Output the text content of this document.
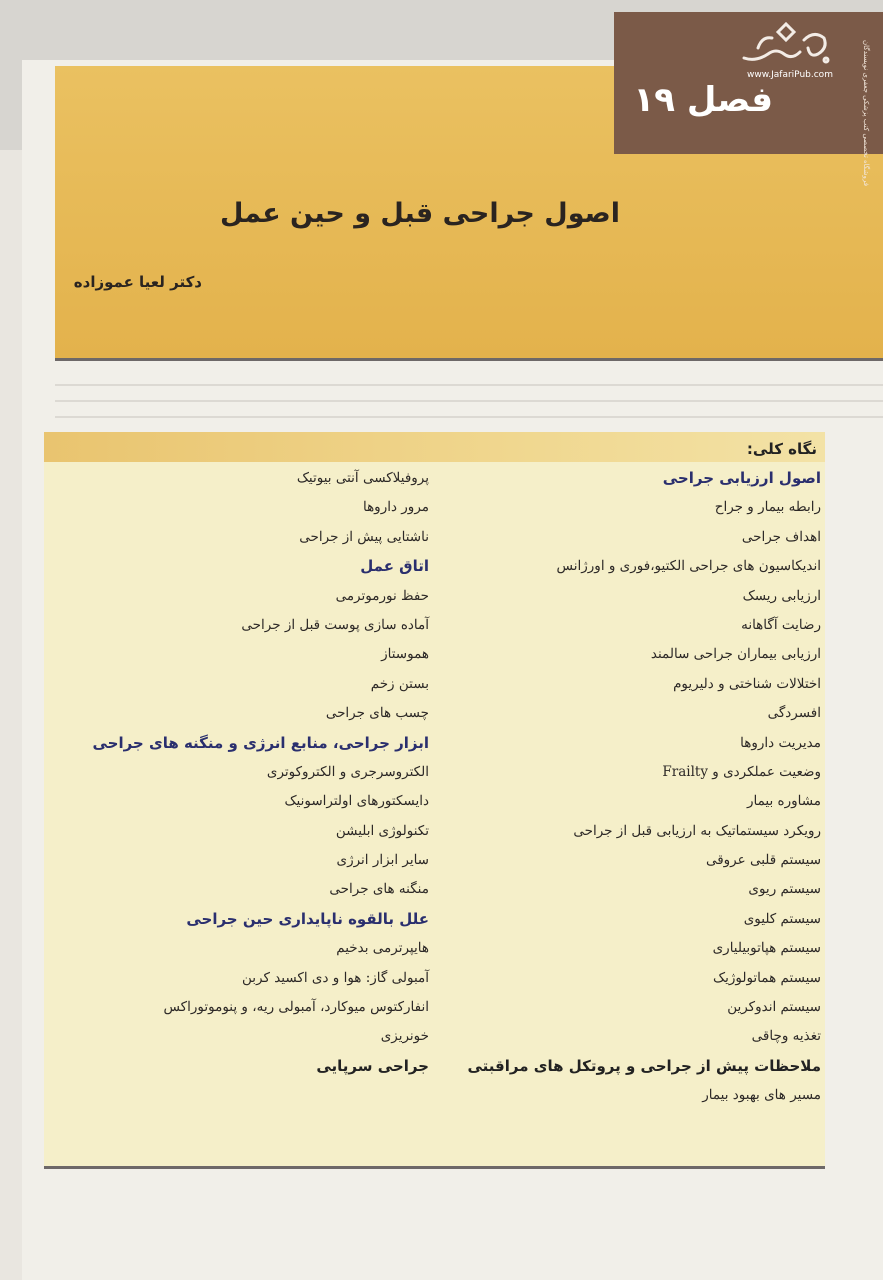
www.JafariPub.com	فروشگاه تخصصی کتب پزشکی جعفری نویسندگان
فصل ۱۹
اصول جراحی قبل و حین عمل
دکتر لعیا عموزاده
نگاه کلی:
اصول ارزیابی جراحی
رابطه بیمار و جراح
اهداف جراحی
اندیکاسیون های جراحی الکتیو،فوری و اورژانس
ارزیابی ریسک
رضایت آگاهانه
ارزیابی بیماران جراحی سالمند
اختلالات شناختی و دلیریوم
افسردگی
مدیریت داروها
وضعیت عملکردی و Frailty
مشاوره بیمار
رویکرد سیستماتیک به ارزیابی قبل از جراحی
سیستم قلبی عروقی
سیستم ریوی
سیستم کلیوی
سیستم هپاتوبیلیاری
سیستم هماتولوژیک
سیستم اندوکرین
تغذیه وچاقی
ملاحظات پیش از جراحی و پروتکل های مراقبتی
مسیر های بهبود بیمار
پروفیلاکسی آنتی بیوتیک
مرور داروها
ناشتایی پیش از جراحی
اتاق عمل
حفظ نورموترمی
آماده سازی پوست قبل از جراحی
هموستاز
بستن زخم
چسب های جراحی
ابزار جراحی، منابع انرژی و منگنه های جراحی
الکتروسرجری و الکتروکوتری
دایسکتورهای اولتراسونیک
تکنولوژی ابلیشن
سایر ابزار انرژی
منگنه های جراحی
علل بالقوه ناپایداری حین جراحی
هایپرترمی بدخیم
آمبولی گاز: هوا و دی اکسید کربن
انفارکتوس میوکارد، آمبولی ریه، و پنوموتوراکس
خونریزی
جراحی سرپایی
